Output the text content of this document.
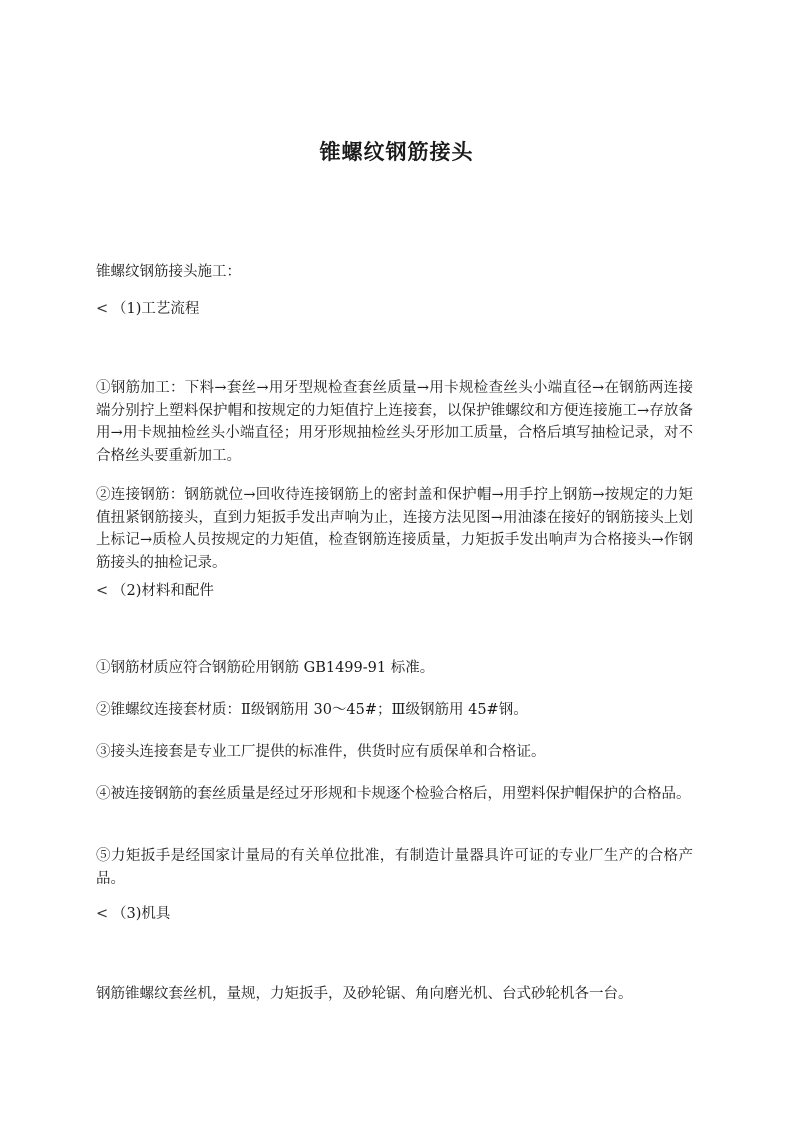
锥螺纹钢筋接头
锥螺纹钢筋接头施工：
< （1)工艺流程
①钢筋加工：下料→套丝→用牙型规检查套丝质量→用卡规检查丝头小端直径→在钢筋两连接端分别拧上塑料保护帽和按规定的力矩值拧上连接套，以保护锥螺纹和方便连接施工→存放备用→用卡规抽检丝头小端直径；用牙形规抽检丝头牙形加工质量，合格后填写抽检记录，对不合格丝头要重新加工。
②连接钢筋：钢筋就位→回收待连接钢筋上的密封盖和保护帽→用手拧上钢筋→按规定的力矩值扭紧钢筋接头，直到力矩扳手发出声响为止，连接方法见图→用油漆在接好的钢筋接头上划上标记→质检人员按规定的力矩值，检查钢筋连接质量，力矩扳手发出响声为合格接头→作钢筋接头的抽检记录。
< （2)材料和配件
①钢筋材质应符合钢筋砼用钢筋 GB1499-91 标准。
②锥螺纹连接套材质：Ⅱ级钢筋用 30～45#；Ⅲ级钢筋用 45#钢。
③接头连接套是专业工厂提供的标准件，供货时应有质保单和合格证。
④被连接钢筋的套丝质量是经过牙形规和卡规逐个检验合格后，用塑料保护帽保护的合格品。
⑤力矩扳手是经国家计量局的有关单位批准，有制造计量器具许可证的专业厂生产的合格产品。
< （3)机具
钢筋锥螺纹套丝机，量规，力矩扳手，及砂轮锯、角向磨光机、台式砂轮机各一台。
